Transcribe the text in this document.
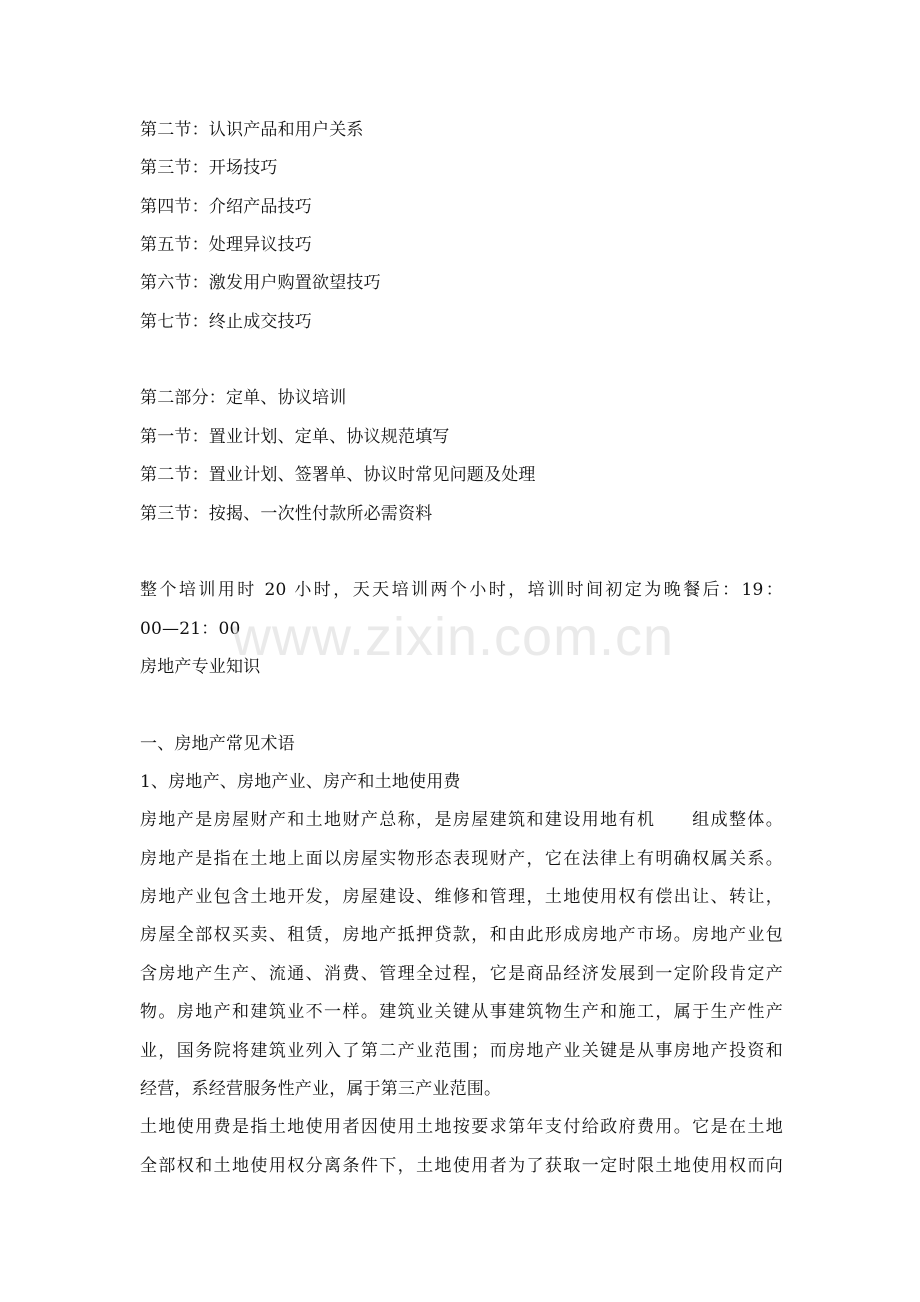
第二节：认识产品和用户关系
第三节：开场技巧
第四节：介绍产品技巧
第五节：处理异议技巧
第六节：激发用户购置欲望技巧
第七节：终止成交技巧
第二部分：定单、协议培训
第一节：置业计划、定单、协议规范填写
第二节：置业计划、签署单、协议时常见问题及处理
第三节：按揭、一次性付款所必需资料
整个培训用时 20 小时，天天培训两个小时，培训时间初定为晚餐后：19：
00—21：00
房地产专业知识
一、房地产常见术语
1、房地产、房地产业、房产和土地使用费
房地产是房屋财产和土地财产总称，是房屋建筑和建设用地有机　　组成整体。
房地产是指在土地上面以房屋实物形态表现财产，它在法律上有明确权属关系。
房地产业包含土地开发，房屋建设、维修和管理，土地使用权有偿出让、转让，
房屋全部权买卖、租赁，房地产抵押贷款，和由此形成房地产市场。房地产业包
含房地产生产、流通、消费、管理全过程，它是商品经济发展到一定阶段肯定产
物。房地产和建筑业不一样。建筑业关键从事建筑物生产和施工，属于生产性产
业，国务院将建筑业列入了第二产业范围；而房地产业关键是从事房地产投资和
经营，系经营服务性产业，属于第三产业范围。
土地使用费是指土地使用者因使用土地按要求第年支付给政府费用。它是在土地
全部权和土地使用权分离条件下，土地使用者为了获取一定时限土地使用权而向
www.zixin.com.cn
